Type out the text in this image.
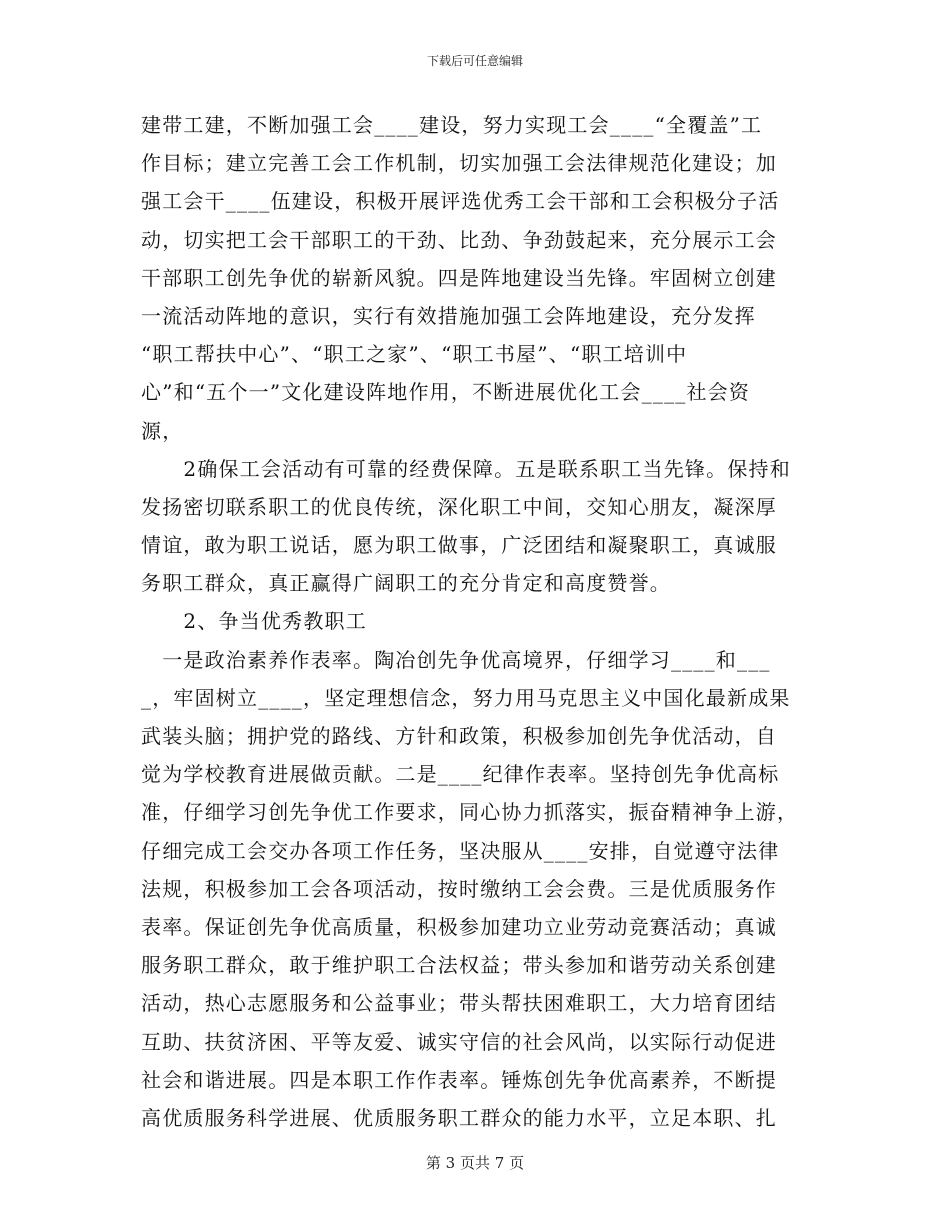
下载后可任意编辑
建带工建，不断加强工会____建设，努力实现工会____“全覆盖”工
作目标；建立完善工会工作机制，切实加强工会法律规范化建设；加
强工会干____伍建设，积极开展评选优秀工会干部和工会积极分子活
动，切实把工会干部职工的干劲、比劲、争劲鼓起来，充分展示工会
干部职工创先争优的崭新风貌。四是阵地建设当先锋。牢固树立创建
一流活动阵地的意识，实行有效措施加强工会阵地建设，充分发挥
“职工帮扶中心”、“职工之家”、“职工书屋”、“职工培训中
心”和“五个一”文化建设阵地作用，不断进展优化工会____社会资
源，
　　2确保工会活动有可靠的经费保障。五是联系职工当先锋。保持和
发扬密切联系职工的优良传统，深化职工中间，交知心朋友，凝深厚
情谊，敢为职工说话，愿为职工做事，广泛团结和凝聚职工，真诚服
务职工群众，真正赢得广阔职工的充分肯定和高度赞誉。
　　2、争当优秀教职工
　一是政治素养作表率。陶冶创先争优高境界，仔细学习____和___
_，牢固树立____，坚定理想信念，努力用马克思主义中国化最新成果
武装头脑；拥护党的路线、方针和政策，积极参加创先争优活动，自
觉为学校教育进展做贡献。二是____纪律作表率。坚持创先争优高标
准，仔细学习创先争优工作要求，同心协力抓落实，振奋精神争上游，
仔细完成工会交办各项工作任务，坚决服从____安排，自觉遵守法律
法规，积极参加工会各项活动，按时缴纳工会会费。三是优质服务作
表率。保证创先争优高质量，积极参加建功立业劳动竞赛活动；真诚
服务职工群众，敢于维护职工合法权益；带头参加和谐劳动关系创建
活动，热心志愿服务和公益事业；带头帮扶困难职工，大力培育团结
互助、扶贫济困、平等友爱、诚实守信的社会风尚，以实际行动促进
社会和谐进展。四是本职工作作表率。锤炼创先争优高素养，不断提
高优质服务科学进展、优质服务职工群众的能力水平，立足本职、扎
第 3 页共 7 页
